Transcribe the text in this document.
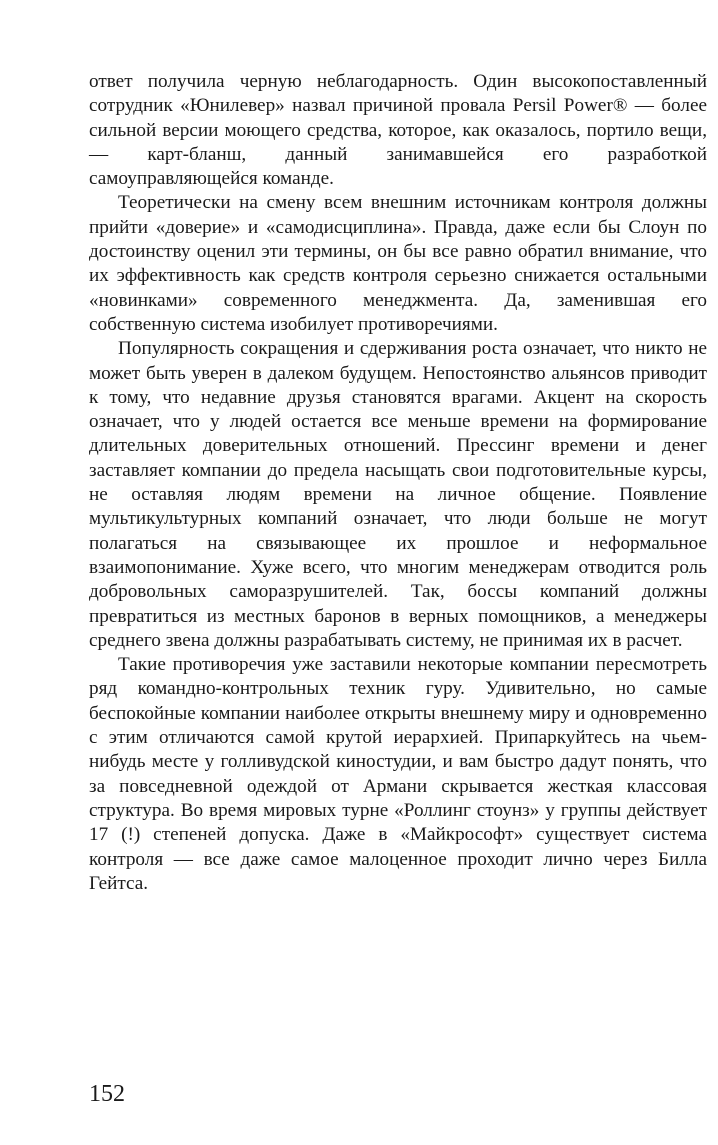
ответ получила черную неблагодарность. Один высокопоставленный сотрудник «Юнилевер» назвал причиной провала Persil Power® — более сильной версии моющего средства, которое, как оказалось, портило вещи, — карт-бланш, данный занимавшейся его разработкой самоуправляющейся команде.

Теоретически на смену всем внешним источникам контроля должны прийти «доверие» и «самодисциплина». Правда, даже если бы Слоун по достоинству оценил эти термины, он бы все равно обратил внимание, что их эффективность как средств контроля серьезно снижается остальными «новинками» современного менеджмента. Да, заменившая его собственную система изобилует противоречиями.

Популярность сокращения и сдерживания роста означает, что никто не может быть уверен в далеком будущем. Непостоянство альянсов приводит к тому, что недавние друзья становятся врагами. Акцент на скорость означает, что у людей остается все меньше времени на формирование длительных доверительных отношений. Прессинг времени и денег заставляет компании до предела насыщать свои подготовительные курсы, не оставляя людям времени на личное общение. Появление мультикультурных компаний означает, что люди больше не могут полагаться на связывающее их прошлое и неформальное взаимопонимание. Хуже всего, что многим менеджерам отводится роль добровольных саморазрушителей. Так, боссы компаний должны превратиться из местных баронов в верных помощников, а менеджеры среднего звена должны разрабатывать систему, не принимая их в расчет.

Такие противоречия уже заставили некоторые компании пересмотреть ряд командно-контрольных техник гуру. Удивительно, но самые беспокойные компании наиболее открыты внешнему миру и одновременно с этим отличаются самой крутой иерархией. Припаркуйтесь на чьем-нибудь месте у голливудской киностудии, и вам быстро дадут понять, что за повседневной одеждой от Армани скрывается жесткая классовая структура. Во время мировых турне «Роллинг стоунз» у группы действует 17 (!) степеней допуска. Даже в «Майкрософт» существует система контроля — все даже самое малоценное проходит лично через Билла Гейтса.

152
